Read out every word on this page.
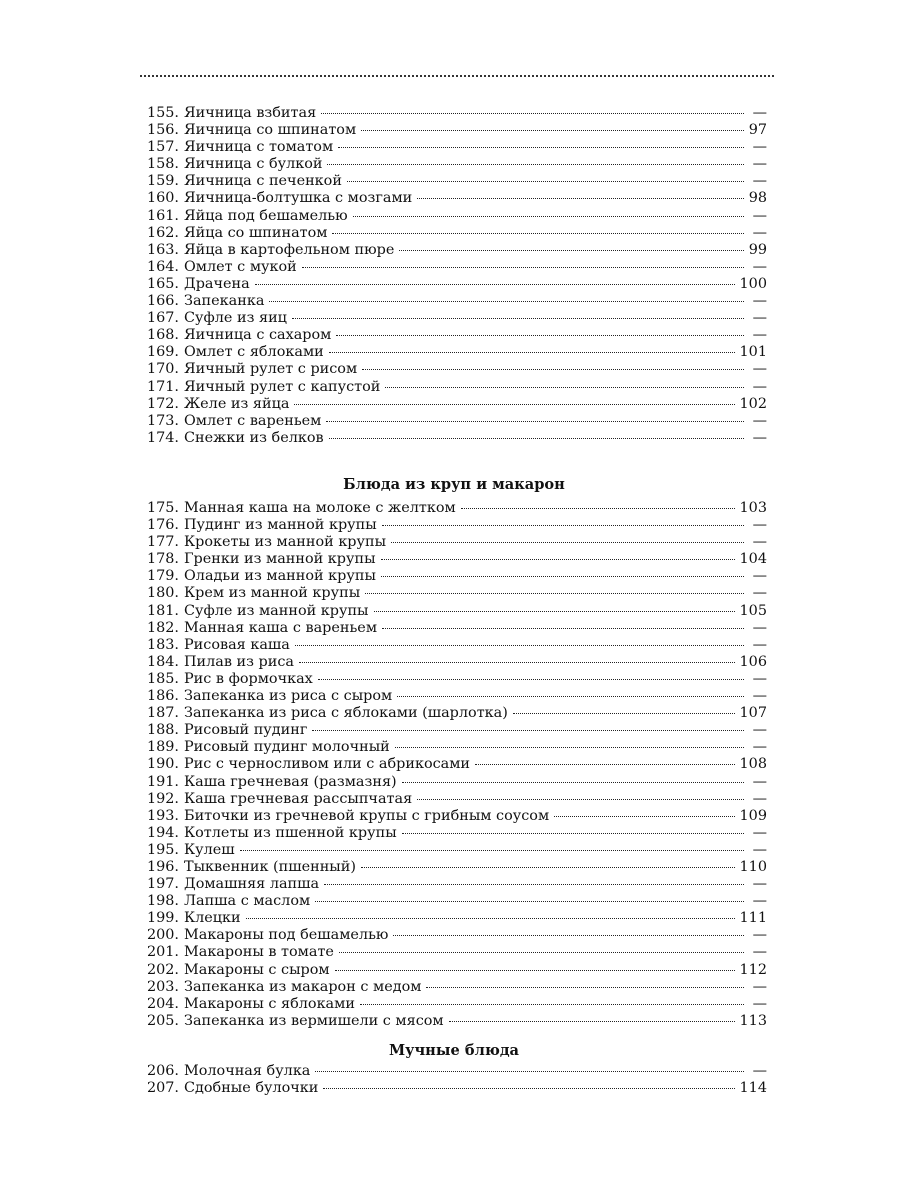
155. Яичница взбитая	—
156. Яичница со шпинатом	97
157. Яичница с томатом	—
158. Яичница с булкой	—
159. Яичница с печенкой	—
160. Яичница-болтушка с мозгами	98
161. Яйца под бешамелью	—
162. Яйца со шпинатом	—
163. Яйца в картофельном пюре	99
164. Омлет с мукой	—
165. Драчена	100
166. Запеканка	—
167. Суфле из яиц	—
168. Яичница с сахаром	—
169. Омлет с яблоками	101
170. Яичный рулет с рисом	—
171. Яичный рулет с капустой	—
172. Желе из яйца	102
173. Омлет с вареньем	—
174. Снежки из белков	—
Блюда из круп и макарон
175. Манная каша на молоке с желтком	103
176. Пудинг из манной крупы	—
177. Крокеты из манной крупы	—
178. Гренки из манной крупы	104
179. Оладьи из манной крупы	—
180. Крем из манной крупы	—
181. Суфле из манной крупы	105
182. Манная каша с вареньем	—
183. Рисовая каша	—
184. Пилав из риса	106
185. Рис в формочках	—
186. Запеканка из риса с сыром	—
187. Запеканка из риса с яблоками (шарлотка)	107
188. Рисовый пудинг	—
189. Рисовый пудинг молочный	—
190. Рис с черносливом или с абрикосами	108
191. Каша гречневая (размазня)	—
192. Каша гречневая рассыпчатая	—
193. Биточки из гречневой крупы с грибным соусом	109
194. Котлеты из пшенной крупы	—
195. Кулеш	—
196. Тыквенник (пшенный)	110
197. Домашняя лапша	—
198. Лапша с маслом	—
199. Клецки	111
200. Макароны под бешамелью	—
201. Макароны в томате	—
202. Макароны с сыром	112
203. Запеканка из макарон с медом	—
204. Макароны с яблоками	—
205. Запеканка из вермишели с мясом	113
Мучные блюда
206. Молочная булка	—
207. Сдобные булочки	114
